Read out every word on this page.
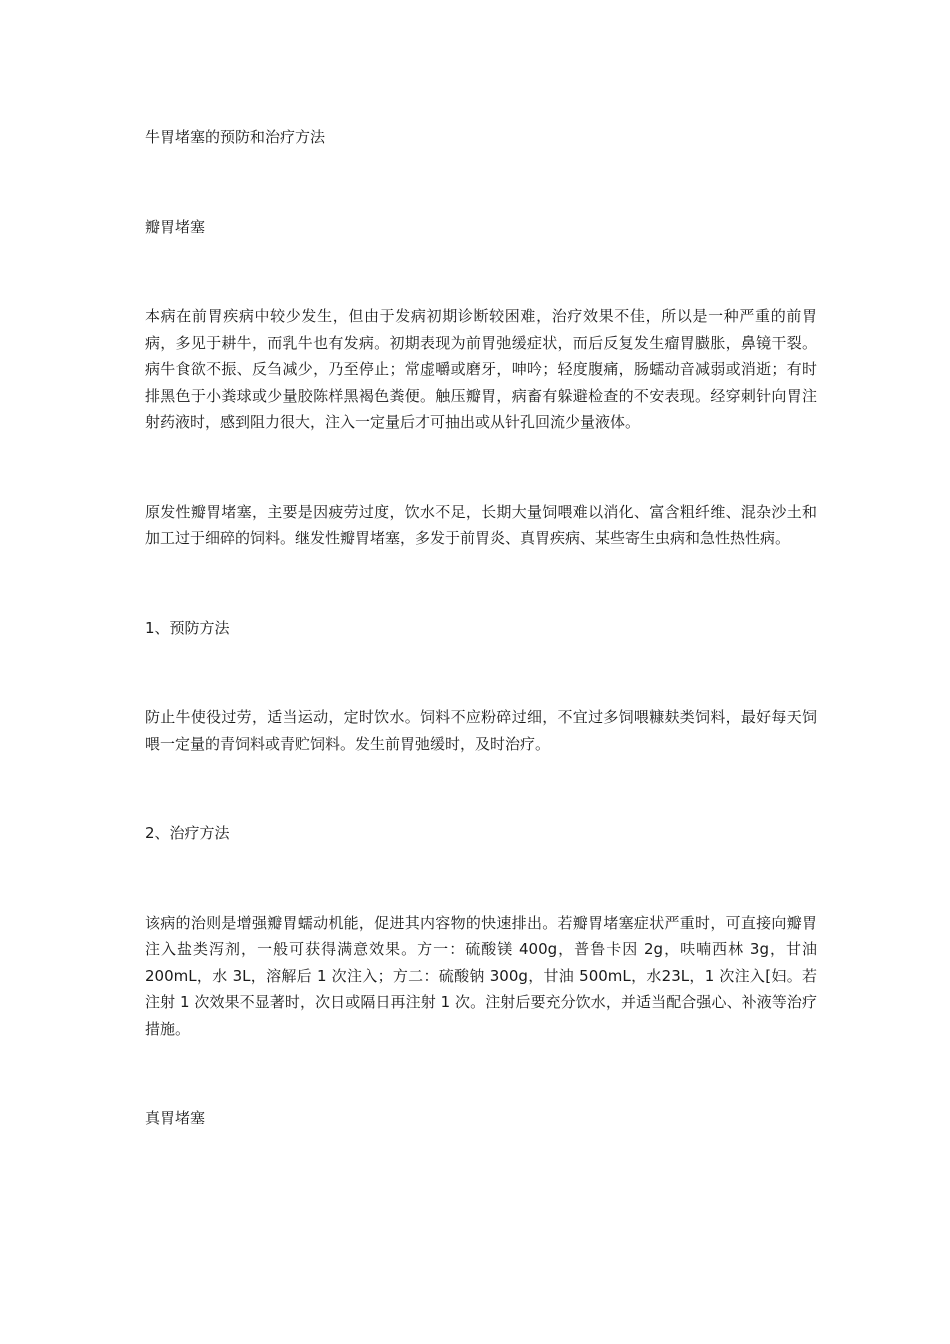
牛胃堵塞的预防和治疗方法

瓣胃堵塞

本病在前胃疾病中较少发生，但由于发病初期诊断较困难，治疗效果不佳，所以是一种严重的前胃病，多见于耕牛，而乳牛也有发病。初期表现为前胃弛缓症状，而后反复发生瘤胃臌胀，鼻镜干裂。病牛食欲不振、反刍减少，乃至停止；常虚嚼或磨牙，呻吟；轻度腹痛，肠蠕动音减弱或消逝；有时排黑色于小粪球或少量胶陈样黑褐色粪便。触压瓣胃，病畜有躲避检查的不安表现。经穿刺针向胃注射药液时，感到阻力很大，注入一定量后才可抽出或从针孔回流少量液体。

原发性瓣胃堵塞，主要是因疲劳过度，饮水不足，长期大量饲喂难以消化、富含粗纤维、混杂沙土和加工过于细碎的饲料。继发性瓣胃堵塞，多发于前胃炎、真胃疾病、某些寄生虫病和急性热性病。

1、预防方法

防止牛使役过劳，适当运动，定时饮水。饲料不应粉碎过细，不宜过多饲喂糠麸类饲料，最好每天饲喂一定量的青饲料或青贮饲料。发生前胃弛缓时，及时治疗。

2、治疗方法

该病的治则是增强瓣胃蠕动机能，促进其内容物的快速排出。若瓣胃堵塞症状严重时，可直接向瓣胃注入盐类泻剂，一般可获得满意效果。方一：硫酸镁 400g，普鲁卡因 2g，呋喃西林 3g，甘油 200mL，水 3L，溶解后 1 次注入；方二：硫酸钠 300g，甘油 500mL，水23L，1 次注入[妇。若注射 1 次效果不显著时，次日或隔日再注射 1 次。注射后要充分饮水，并适当配合强心、补液等治疗措施。

真胃堵塞
